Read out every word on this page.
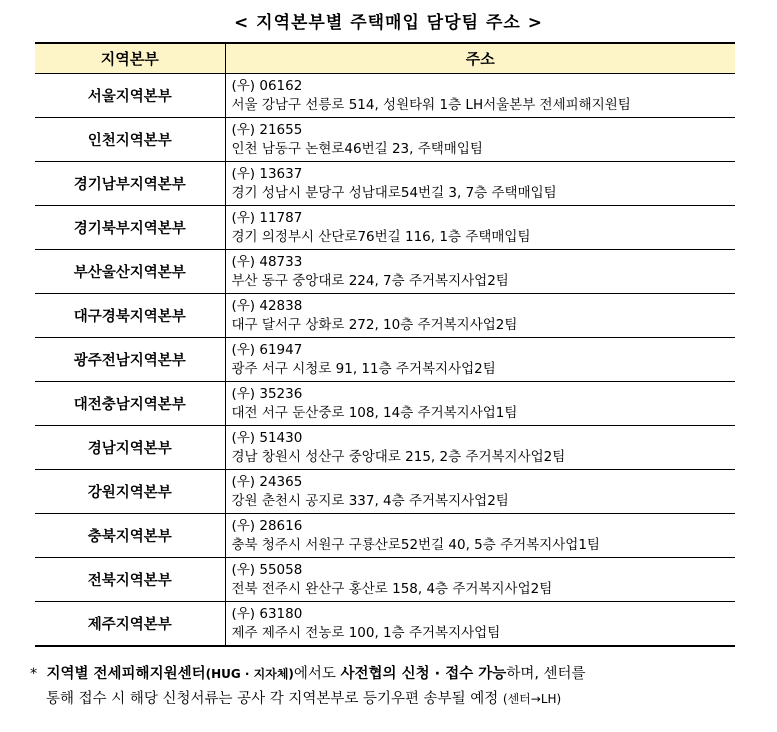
< 지역본부별 주택매입 담당팀 주소 >
지역본부	주소
서울지역본부	(우) 06162
서울 강남구 선릉로 514, 성원타워 1층 LH서울본부 전세피해지원팀

인천지역본부	(우) 21655
인천 남동구 논현로46번길 23, 주택매입팀

경기남부지역본부	(우) 13637
경기 성남시 분당구 성남대로54번길 3, 7층 주택매입팀

경기북부지역본부	(우) 11787
경기 의정부시 산단로76번길 116, 1층 주택매입팀

부산울산지역본부	(우) 48733
부산 동구 중앙대로 224, 7층 주거복지사업2팀

대구경북지역본부	(우) 42838
대구 달서구 상화로 272, 10층 주거복지사업2팀

광주전남지역본부	(우) 61947
광주 서구 시청로 91, 11층 주거복지사업2팀

대전충남지역본부	(우) 35236
대전 서구 둔산중로 108, 14층 주거복지사업1팀

경남지역본부	(우) 51430
경남 창원시 성산구 중앙대로 215, 2층 주거복지사업2팀

강원지역본부	(우) 24365
강원 춘천시 공지로 337, 4층 주거복지사업2팀

충북지역본부	(우) 28616
충북 청주시 서원구 구룡산로52번길 40, 5층 주거복지사업1팀

전북지역본부	(우) 55058
전북 전주시 완산구 홍산로 158, 4층 주거복지사업2팀

제주지역본부	(우) 63180
제주 제주시 전농로 100, 1층 주거복지사업팀
* 지역별 전세피해지원센터(HUG · 지자체)에서도 사전협의 신청 · 접수 가능하며, 센터를
통해 접수 시 해당 신청서류는 공사 각 지역본부로 등기우편 송부될 예정 (센터→LH)
